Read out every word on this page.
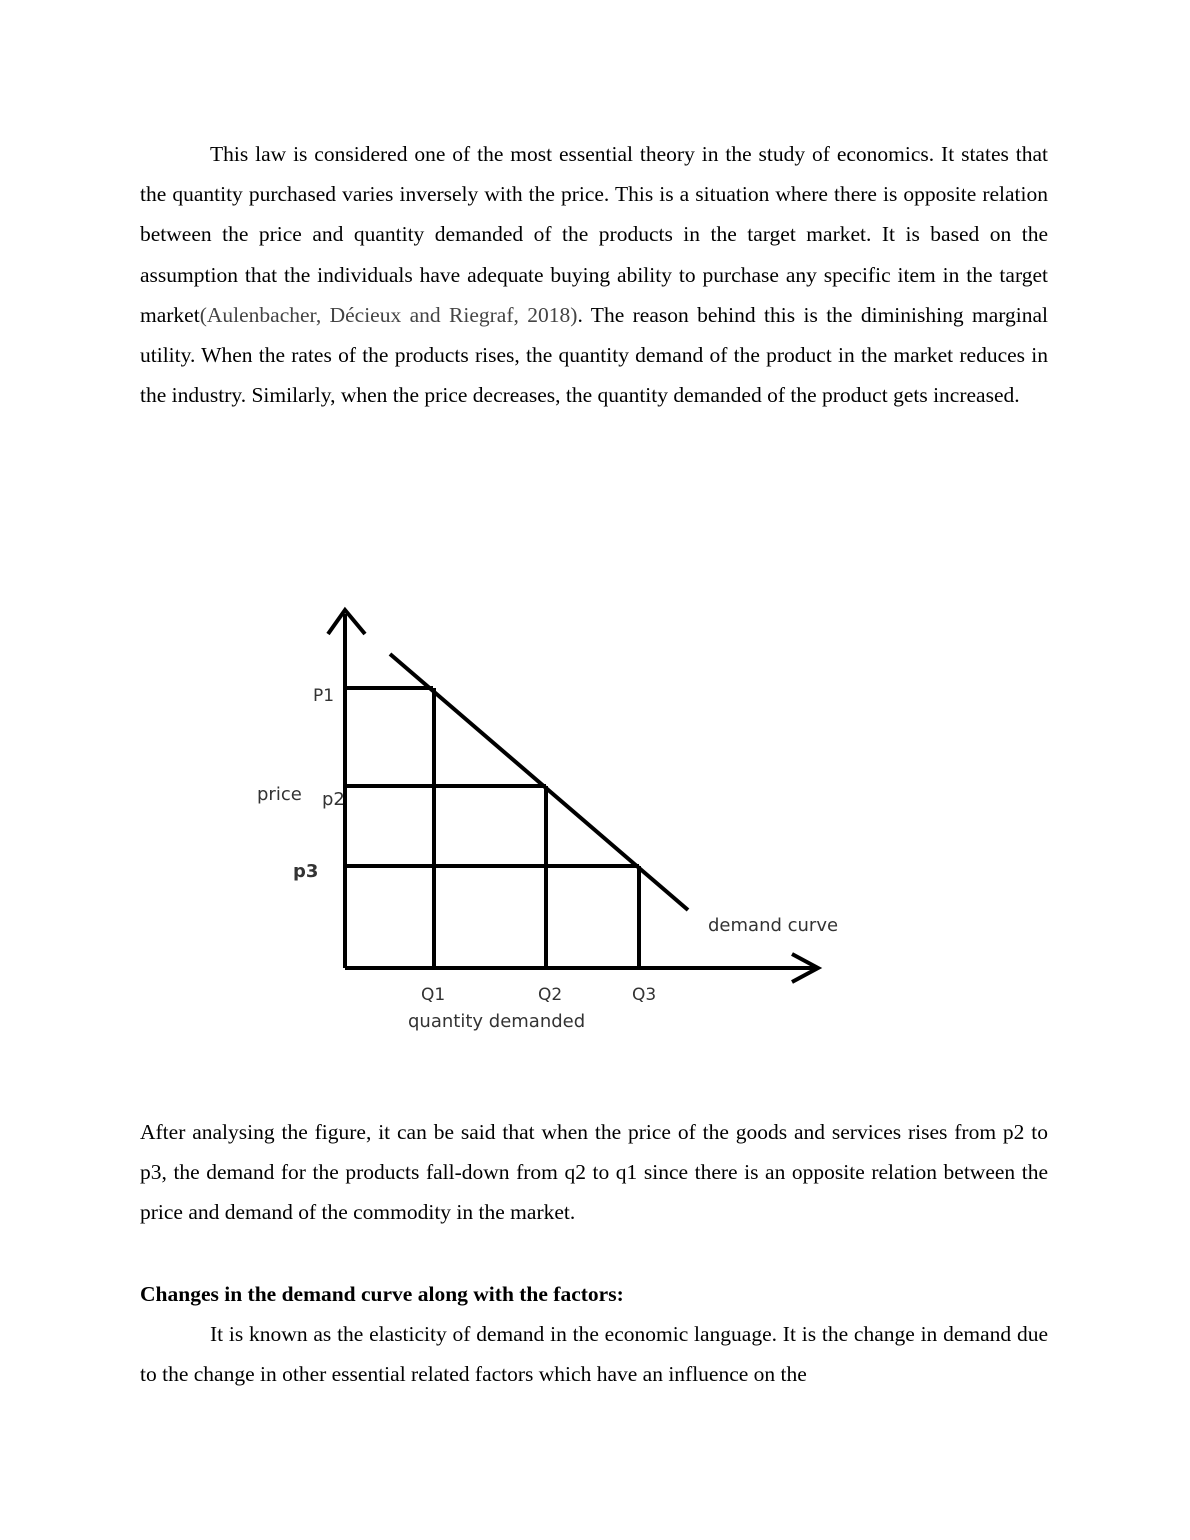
This law is considered one of the most essential theory in the study of economics. It states that the quantity purchased varies inversely with the price. This is a situation where there is opposite relation between the price and quantity demanded of the products in the target market. It is based on the assumption that the individuals have adequate buying ability to purchase any specific item in the target market(Aulenbacher, Décieux and Riegraf, 2018). The reason behind this is the diminishing marginal utility. When the rates of the products rises, the quantity demand of the product in the market reduces in the industry. Similarly, when the price decreases, the quantity demanded of the product gets increased.

P1
price p2
p3
demand curve
Q1	Q2	Q3
quantity demanded

After analysing the figure, it can be said that when the price of the goods and services rises from p2 to p3, the demand for the products fall-down from q2 to q1 since there is an opposite relation between the price and demand of the commodity in the market.

Changes in the demand curve along with the factors:

It is known as the elasticity of demand in the economic language. It is the change in demand due to the change in other essential related factors which have an influence on the
